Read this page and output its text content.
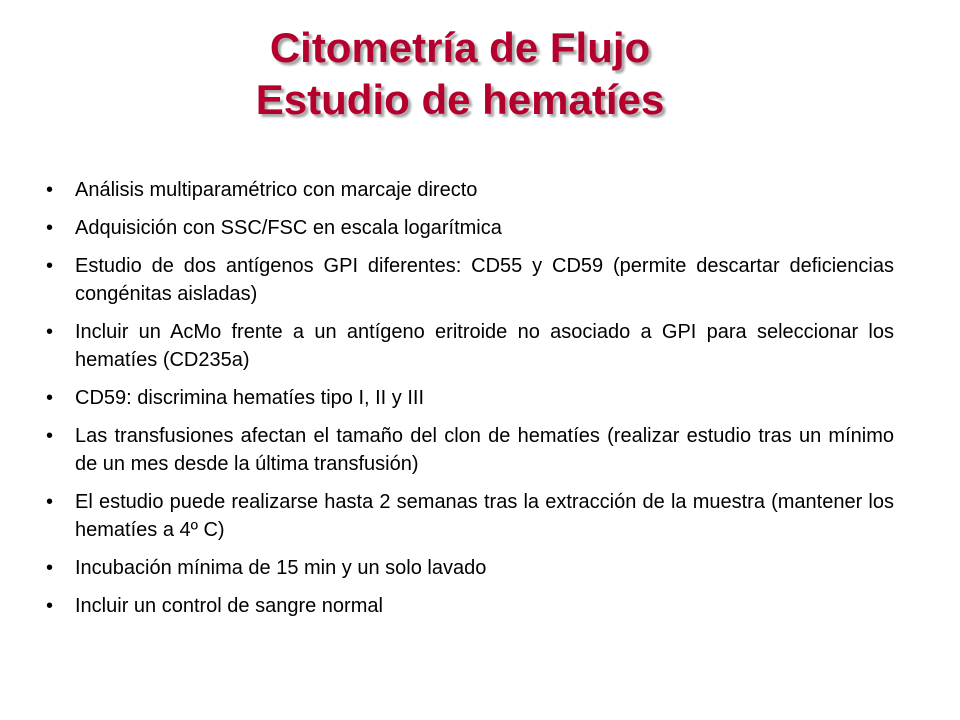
Citometría de Flujo
Estudio de hematíes
•	Análisis multiparamétrico con marcaje directo
•	Adquisición con SSC/FSC en escala logarítmica
•	Estudio de dos antígenos GPI diferentes: CD55 y CD59 (permite descartar deficiencias congénitas aisladas)
•	Incluir un AcMo frente a un antígeno eritroide no asociado a GPI para seleccionar los hematíes (CD235a)
•	CD59: discrimina hematíes tipo I, II y III
•	Las transfusiones afectan el tamaño del clon de hematíes (realizar estudio tras un mínimo de un mes desde la última transfusión)
•	El estudio puede realizarse hasta 2 semanas tras la extracción de la muestra (mantener los hematíes a 4º C)
•	Incubación mínima de 15 min y un solo lavado
•	Incluir un control de sangre normal
